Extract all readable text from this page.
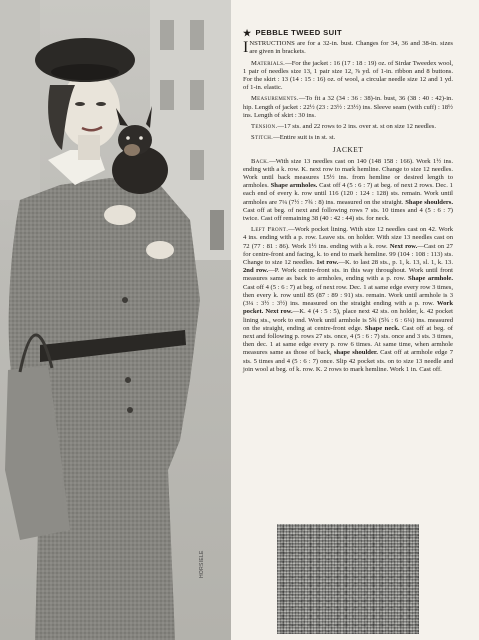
HORSIELE
★ PEBBLE TWEED SUIT

INSTRUCTIONS are for a 32-in. bust. Changes for 34, 36 and 38-in. sizes are given in brackets.

Materials.—For the jacket : 16 (17 : 18 : 19) oz. of Sirdar Tweedex wool, 1 pair of needles size 13, 1 pair size 12, ⅞ yd. of 1-in. ribbon and 8 buttons. For the skirt : 13 (14 : 15 : 16) oz. of wool, a circular needle size 12 and 1 yd. of 1-in. elastic.

Measurements.—To fit a 32 (34 : 36 : 38)-in. bust, 36 (38 : 40 : 42)-in. hip. Length of jacket : 22½ (23 : 23½ : 23½) ins. Sleeve seam (with cuff) : 18½ ins. Length of skirt : 30 ins.

Tension.—17 sts. and 22 rows to 2 ins. over st. st on size 12 needles.

Stitch.—Entire suit is in st. st.

JACKET

Back.—With size 13 needles cast on 140 (148 158 : 166). Work 1½ ins. ending with a k. row. K. next row to mark hemline. Change to size 12 needles. Work until back measures 15½ ins. from hemline or desired length to armholes. Shape armholes. Cast off 4 (5 : 6 : 7) at beg. of next 2 rows. Dec. 1 each end of every k. row until 116 (120 : 124 : 128) sts. remain. Work until armholes are 7¼ (7½ : 7¾ : 8) ins. measured on the straight. Shape shoulders. Cast off at beg. of next and following rows 7 sts. 10 times and 4 (5 : 6 : 7) twice. Cast off remaining 38 (40 : 42 : 44) sts. for neck.

Left Front.—Work pocket lining. With size 12 needles cast on 42. Work 4 ins. ending with a p. row. Leave sts. on holder. With size 13 needles cast on 72 (77 : 81 : 86). Work 1½ ins. ending with a k. row. Next row.—Cast on 27 for centre-front and facing, k. to end to mark hemline. 99 (104 : 108 : 113) sts. Change to size 12 needles. 1st row.—K. to last 28 sts., p. 1, k. 13, sl. 1, k. 13. 2nd row.—P. Work centre-front sts. in this way throughout. Work until front measures same as back to armholes, ending with a p. row. Shape armhole. Cast off 4 (5 : 6 : 7) at beg. of next row. Dec. 1 at same edge every row 3 times, then every k. row until 85 (87 : 89 : 91) sts. remain. Work until armhole is 3 (3¼ : 3½ : 3½) ins. measured on the straight ending with a p. row. Work pocket. Next row.—K. 4 (4 : 5 : 5), place next 42 sts. on holder, k. 42 pocket lining sts., work to end. Work until armhole is 5¾ (5¾ : 6 : 6¼) ins. measured on the straight, ending at centre-front edge. Shape neck. Cast off at beg. of next and following p. rows 27 sts. once, 4 (5 : 6 : 7) sts. once and 3 sts. 3 times, then dec. 1 at same edge every p. row 6 times. At same time, when armhole measures same as those of back, shape shoulder. Cast off at armhole edge 7 sts. 5 times and 4 (5 : 6 : 7) once. Slip 42 pocket sts. on to size 13 needle and join wool at beg. of k. row. K. 2 rows to mark hemline. Work 1 in. Cast off.
